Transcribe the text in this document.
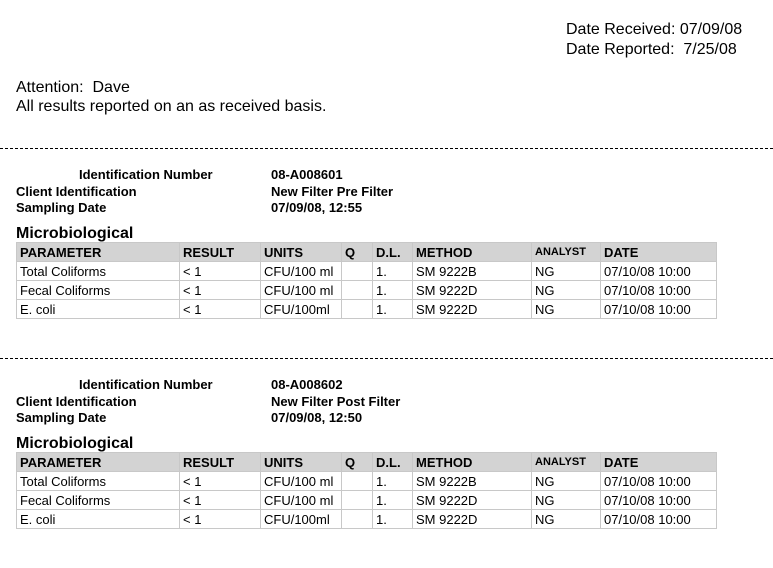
Date Received: 07/09/08
Date Reported: 7/25/08
Attention:  Dave
All results reported on an as received basis.
Identification Number	08-A008601
Client Identification	New Filter Pre Filter
Sampling Date	07/09/08, 12:55
Microbiological
PARAMETER	RESULT	UNITS	Q	D.L.	METHOD	ANALYST	DATE
Total Coliforms	< 1	CFU/100 ml		1.	SM 9222B	NG	07/10/08 10:00
Fecal Coliforms	< 1	CFU/100 ml		1.	SM 9222D	NG	07/10/08 10:00
E. coli	< 1	CFU/100ml		1.	SM 9222D	NG	07/10/08 10:00
Identification Number	08-A008602
Client Identification	New Filter Post Filter
Sampling Date	07/09/08, 12:50
Microbiological
PARAMETER	RESULT	UNITS	Q	D.L.	METHOD	ANALYST	DATE
Total Coliforms	< 1	CFU/100 ml		1.	SM 9222B	NG	07/10/08 10:00
Fecal Coliforms	< 1	CFU/100 ml		1.	SM 9222D	NG	07/10/08 10:00
E. coli	< 1	CFU/100ml		1.	SM 9222D	NG	07/10/08 10:00
